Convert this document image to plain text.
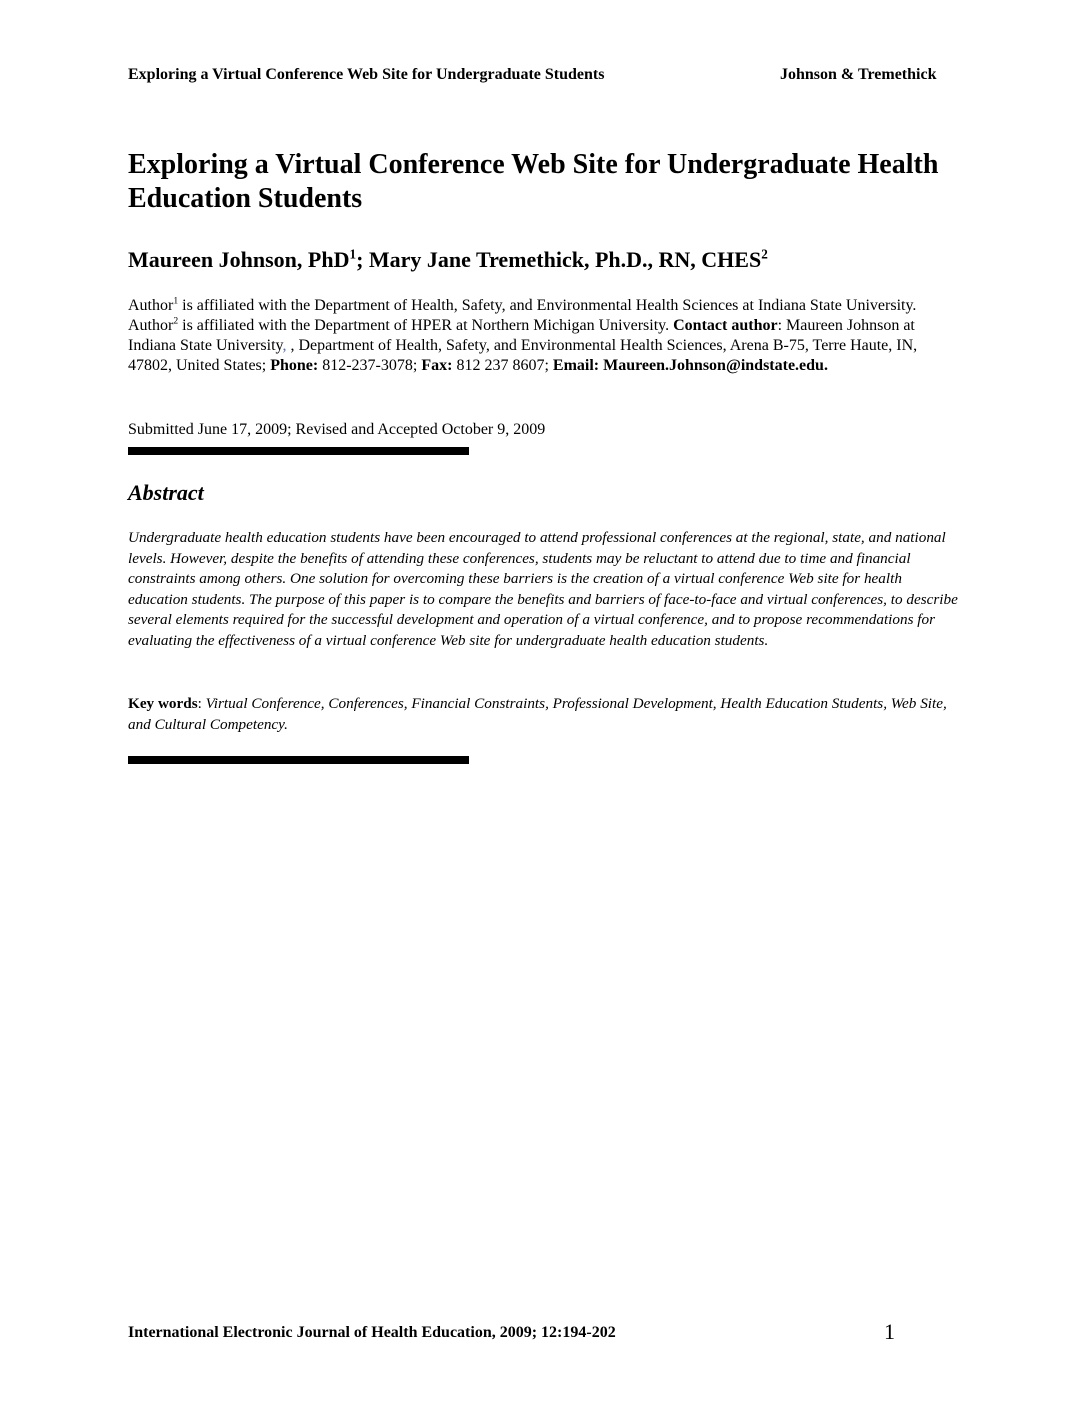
Exploring a Virtual Conference Web Site for Undergraduate Students	Johnson & Tremethick
Exploring a Virtual Conference Web Site for Undergraduate Health Education Students
Maureen Johnson, PhD$^1$; Mary Jane Tremethick, Ph.D., RN, CHES$^2$
Author$^1$ is affiliated with the Department of Health, Safety, and Environmental Health Sciences at Indiana State University. Author$^2$ is affiliated with the Department of HPER at Northern Michigan University. Contact author: Maureen Johnson at Indiana State University, , Department of Health, Safety, and Environmental Health Sciences, Arena B-75, Terre Haute, IN, 47802, United States; Phone: 812-237-3078; Fax: 812 237 8607; Email: Maureen.Johnson@indstate.edu.
Submitted June 17, 2009; Revised and Accepted October 9, 2009
Abstract
Undergraduate health education students have been encouraged to attend professional conferences at the regional, state, and national levels. However, despite the benefits of attending these conferences, students may be reluctant to attend due to time and financial constraints among others. One solution for overcoming these barriers is the creation of a virtual conference Web site for health education students. The purpose of this paper is to compare the benefits and barriers of face-to-face and virtual conferences, to describe several elements required for the successful development and operation of a virtual conference, and to propose recommendations for evaluating the effectiveness of a virtual conference Web site for undergraduate health education students.
Key words: Virtual Conference, Conferences, Financial Constraints, Professional Development, Health Education Students, Web Site, and Cultural Competency.
International Electronic Journal of Health Education, 2009; 12:194-202	1
